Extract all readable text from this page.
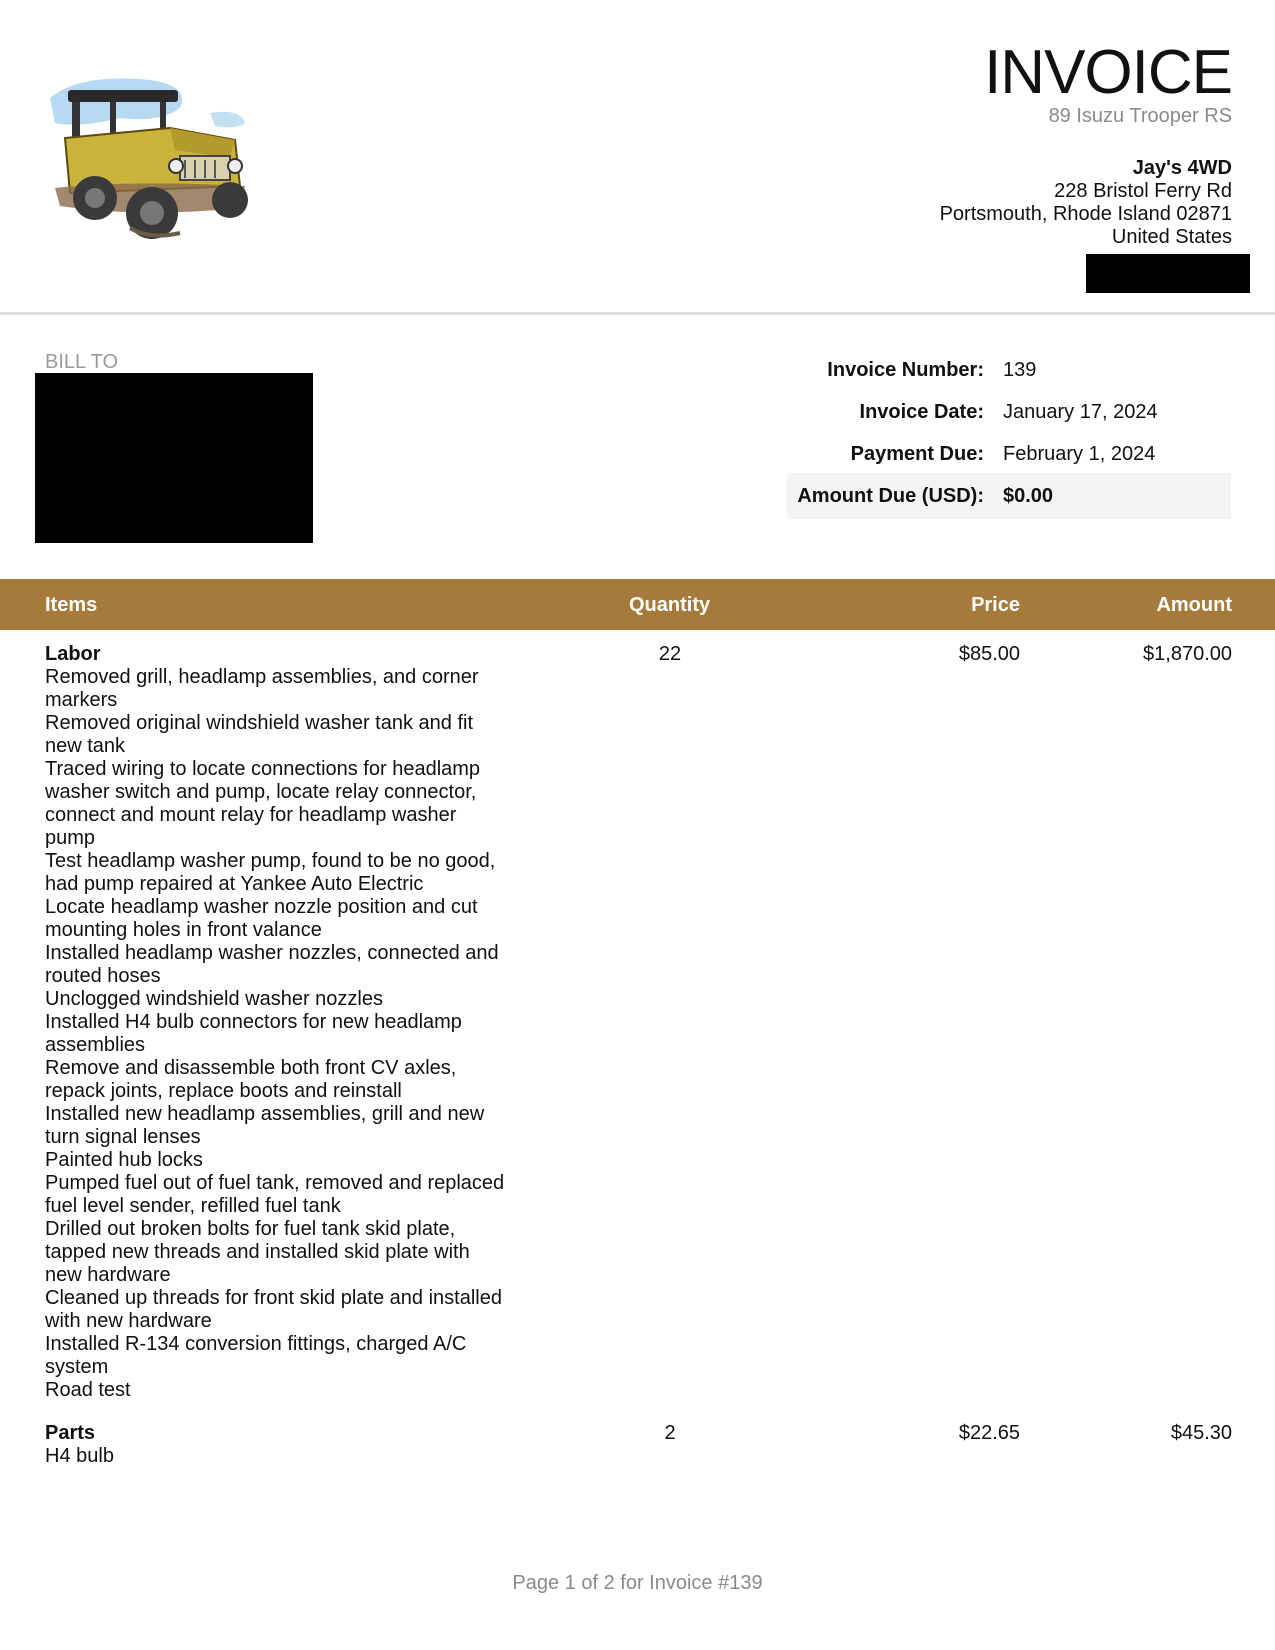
INVOICE
89 Isuzu Trooper RS
Jay's 4WD
228 Bristol Ferry Rd
Portsmouth, Rhode Island 02871
United States
BILL TO	Invoice Number: 139
Invoice Date: January 17, 2024
Payment Due: February 1, 2024
Amount Due (USD): $0.00
Items	Quantity	Price	Amount
Labor
Removed grill, headlamp assemblies, and corner
markers
Removed original windshield washer tank and fit
new tank
Traced wiring to locate connections for headlamp
washer switch and pump, locate relay connector,
connect and mount relay for headlamp washer
pump
Test headlamp washer pump, found to be no good,
had pump repaired at Yankee Auto Electric
Locate headlamp washer nozzle position and cut
mounting holes in front valance
Installed headlamp washer nozzles, connected and
routed hoses
Unclogged windshield washer nozzles
Installed H4 bulb connectors for new headlamp
assemblies
Remove and disassemble both front CV axles,
repack joints, replace boots and reinstall
Installed new headlamp assemblies, grill and new
turn signal lenses
Painted hub locks
Pumped fuel out of fuel tank, removed and replaced
fuel level sender, refilled fuel tank
Drilled out broken bolts for fuel tank skid plate,
tapped new threads and installed skid plate with
new hardware
Cleaned up threads for front skid plate and installed
with new hardware
Installed R-134 conversion fittings, charged A/C
system
Road test
22	$85.00	$1,870.00
Parts
H4 bulb
2	$22.65	$45.30
Page 1 of 2 for Invoice #139
